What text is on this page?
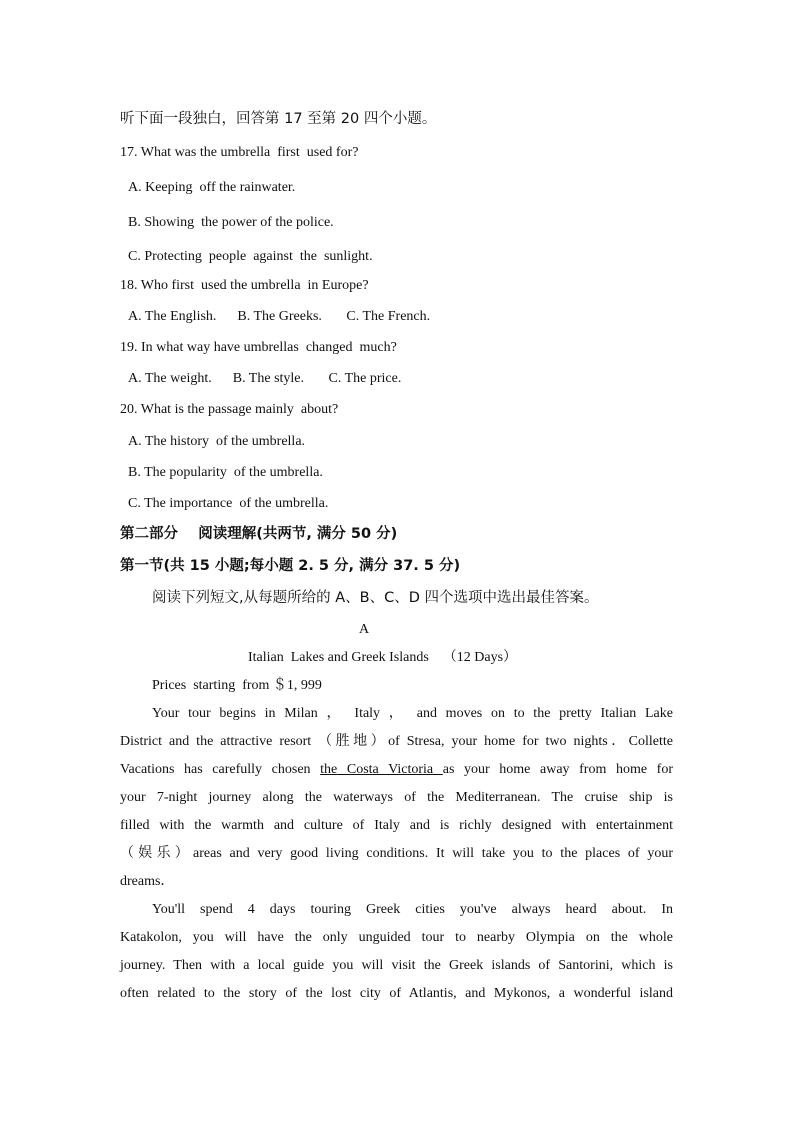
听下面一段独白，回答第 17 至第 20 四个小题。
17. What was the umbrella  first  used for?
A. Keeping  off the rainwater.
B. Showing  the power of the police.
C. Protecting  people  against  the  sunlight.
18. Who first  used the umbrella  in Europe?
A. The English.      B. The Greeks.       C. The French.
19. In what way have umbrellas  changed  much?
A. The weight.      B. The style.       C. The price.
20. What is the passage mainly  about?
A. The history  of the umbrella.
B. The popularity  of the umbrella.
C. The importance  of the umbrella.
第二部分    阅读理解(共两节, 满分 50 分)
第一节(共 15 小题;每小题 2. 5 分, 满分 37. 5 分)
阅读下列短文,从每题所给的 A、B、C、D 四个选项中选出最佳答案。
A
Italian  Lakes and Greek Islands    （12 Days）
Prices  starting  from ＄1, 999
Your tour begins in Milan ， Italy ， and moves on to the pretty Italian Lake
District and the attractive resort （胜地）of Stresa, your home for two nights．Collette
Vacations has carefully chosen the Costa Victoria as your home away from home for
your 7-night journey along the waterways of the Mediterranean. The cruise ship is
filled with the warmth and culture of Italy and is richly designed with entertainment
（娱乐）areas and very good living conditions. It will take you to the places of your
dreams．
You'll spend 4 days touring Greek cities you've always heard about. In
Katakolon, you will have the only unguided tour to nearby Olympia on the whole
journey. Then with a local guide you will visit the Greek islands of Santorini, which is
often related to the story of the lost city of Atlantis, and Mykonos, a wonderful island
